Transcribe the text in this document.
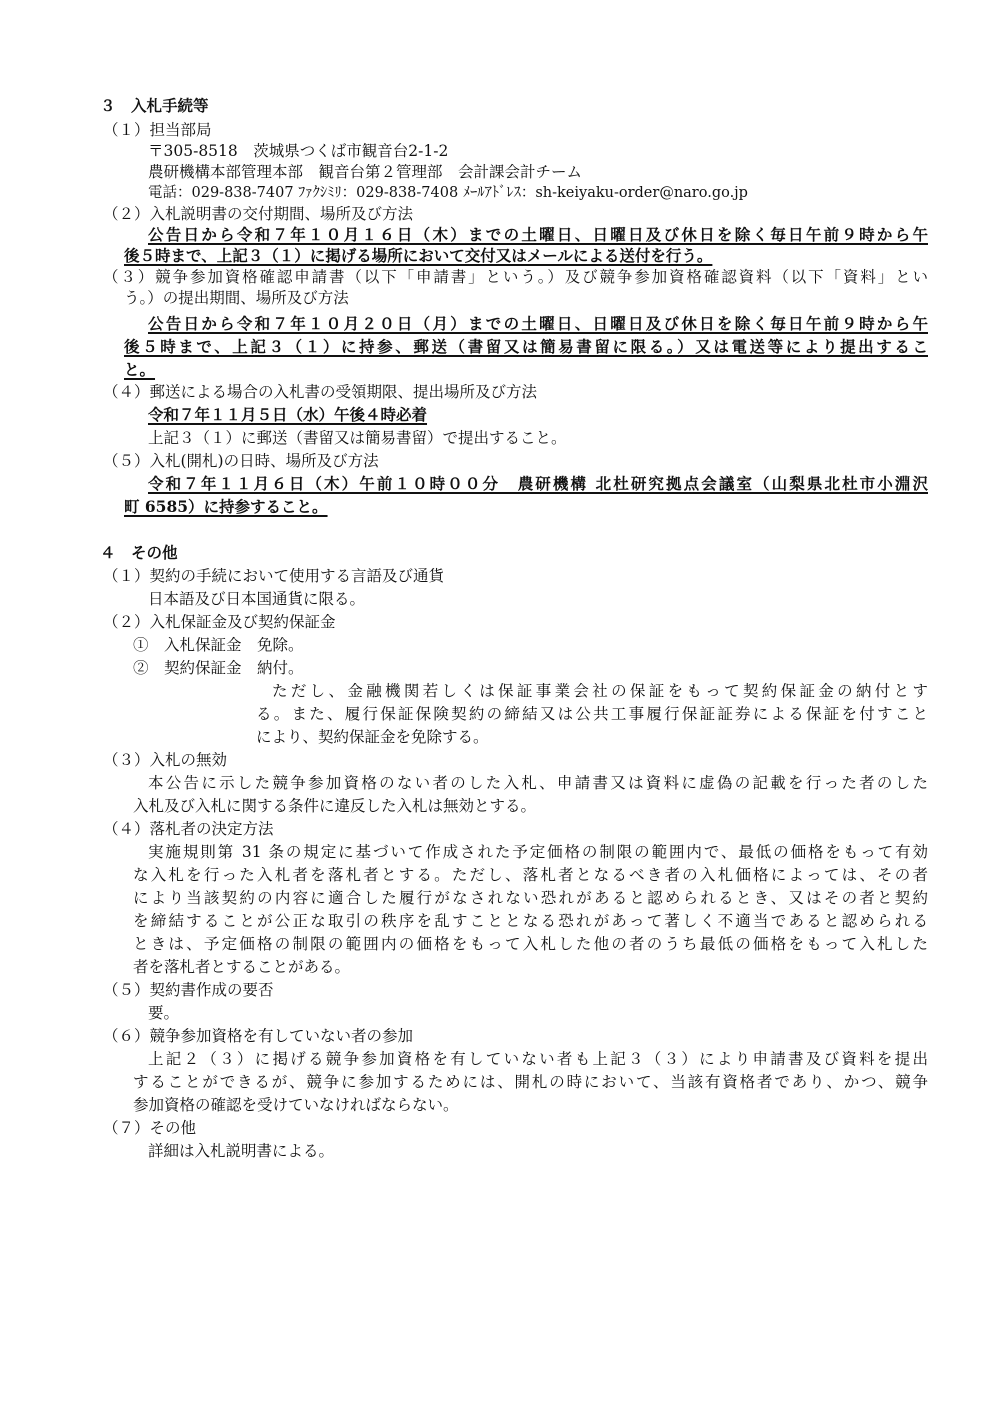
３　入札手続等
（１）担当部局
〒305-8518　茨城県つくば市観音台2-1-2
農研機構本部管理本部　観音台第２管理部　会計課会計チーム
電話：029-838-7407 ﾌｧｸｼﾐﾘ：029-838-7408 ﾒｰﾙｱﾄﾞﾚｽ：sh-keiyaku-order@naro.go.jp
（２）入札説明書の交付期間、場所及び方法
公告日から令和７年１０月１６日（木）までの土曜日、日曜日及び休日を除く毎日午前９時から午
後５時まで、上記３（１）に掲げる場所において交付又はメールによる送付を行う。
（３）競争参加資格確認申請書（以下「申請書」という。）及び競争参加資格確認資料（以下「資料」とい
う。）の提出期間、場所及び方法
公告日から令和７年１０月２０日（月）までの土曜日、日曜日及び休日を除く毎日午前９時から午
後５時まで、上記３（１）に持参、郵送（書留又は簡易書留に限る。）又は電送等により提出するこ
と。
（４）郵送による場合の入札書の受領期限、提出場所及び方法
令和７年１１月５日（水）午後４時必着
上記３（１）に郵送（書留又は簡易書留）で提出すること。
（５）入札(開札)の日時、場所及び方法
令和７年１１月６日（木）午前１０時００分　農研機構 北杜研究拠点会議室（山梨県北杜市小淵沢
町 6585）に持参すること。
４　その他
（１）契約の手続において使用する言語及び通貨
日本語及び日本国通貨に限る。
（２）入札保証金及び契約保証金
①　入札保証金　免除。
②　契約保証金　納付。
ただし、金融機関若しくは保証事業会社の保証をもって契約保証金の納付とす
る。また、履行保証保険契約の締結又は公共工事履行保証証券による保証を付すこと
により、契約保証金を免除する。
（３）入札の無効
本公告に示した競争参加資格のない者のした入札、申請書又は資料に虚偽の記載を行った者のした
入札及び入札に関する条件に違反した入札は無効とする。
（４）落札者の決定方法
実施規則第 31 条の規定に基づいて作成された予定価格の制限の範囲内で、最低の価格をもって有効
な入札を行った入札者を落札者とする。ただし、落札者となるべき者の入札価格によっては、その者
により当該契約の内容に適合した履行がなされない恐れがあると認められるとき、又はその者と契約
を締結することが公正な取引の秩序を乱すこととなる恐れがあって著しく不適当であると認められる
ときは、予定価格の制限の範囲内の価格をもって入札した他の者のうち最低の価格をもって入札した
者を落札者とすることがある。
（５）契約書作成の要否
要。
（６）競争参加資格を有していない者の参加
上記２（３）に掲げる競争参加資格を有していない者も上記３（３）により申請書及び資料を提出
することができるが、競争に参加するためには、開札の時において、当該有資格者であり、かつ、競争
参加資格の確認を受けていなければならない。
（７）その他
詳細は入札説明書による。
